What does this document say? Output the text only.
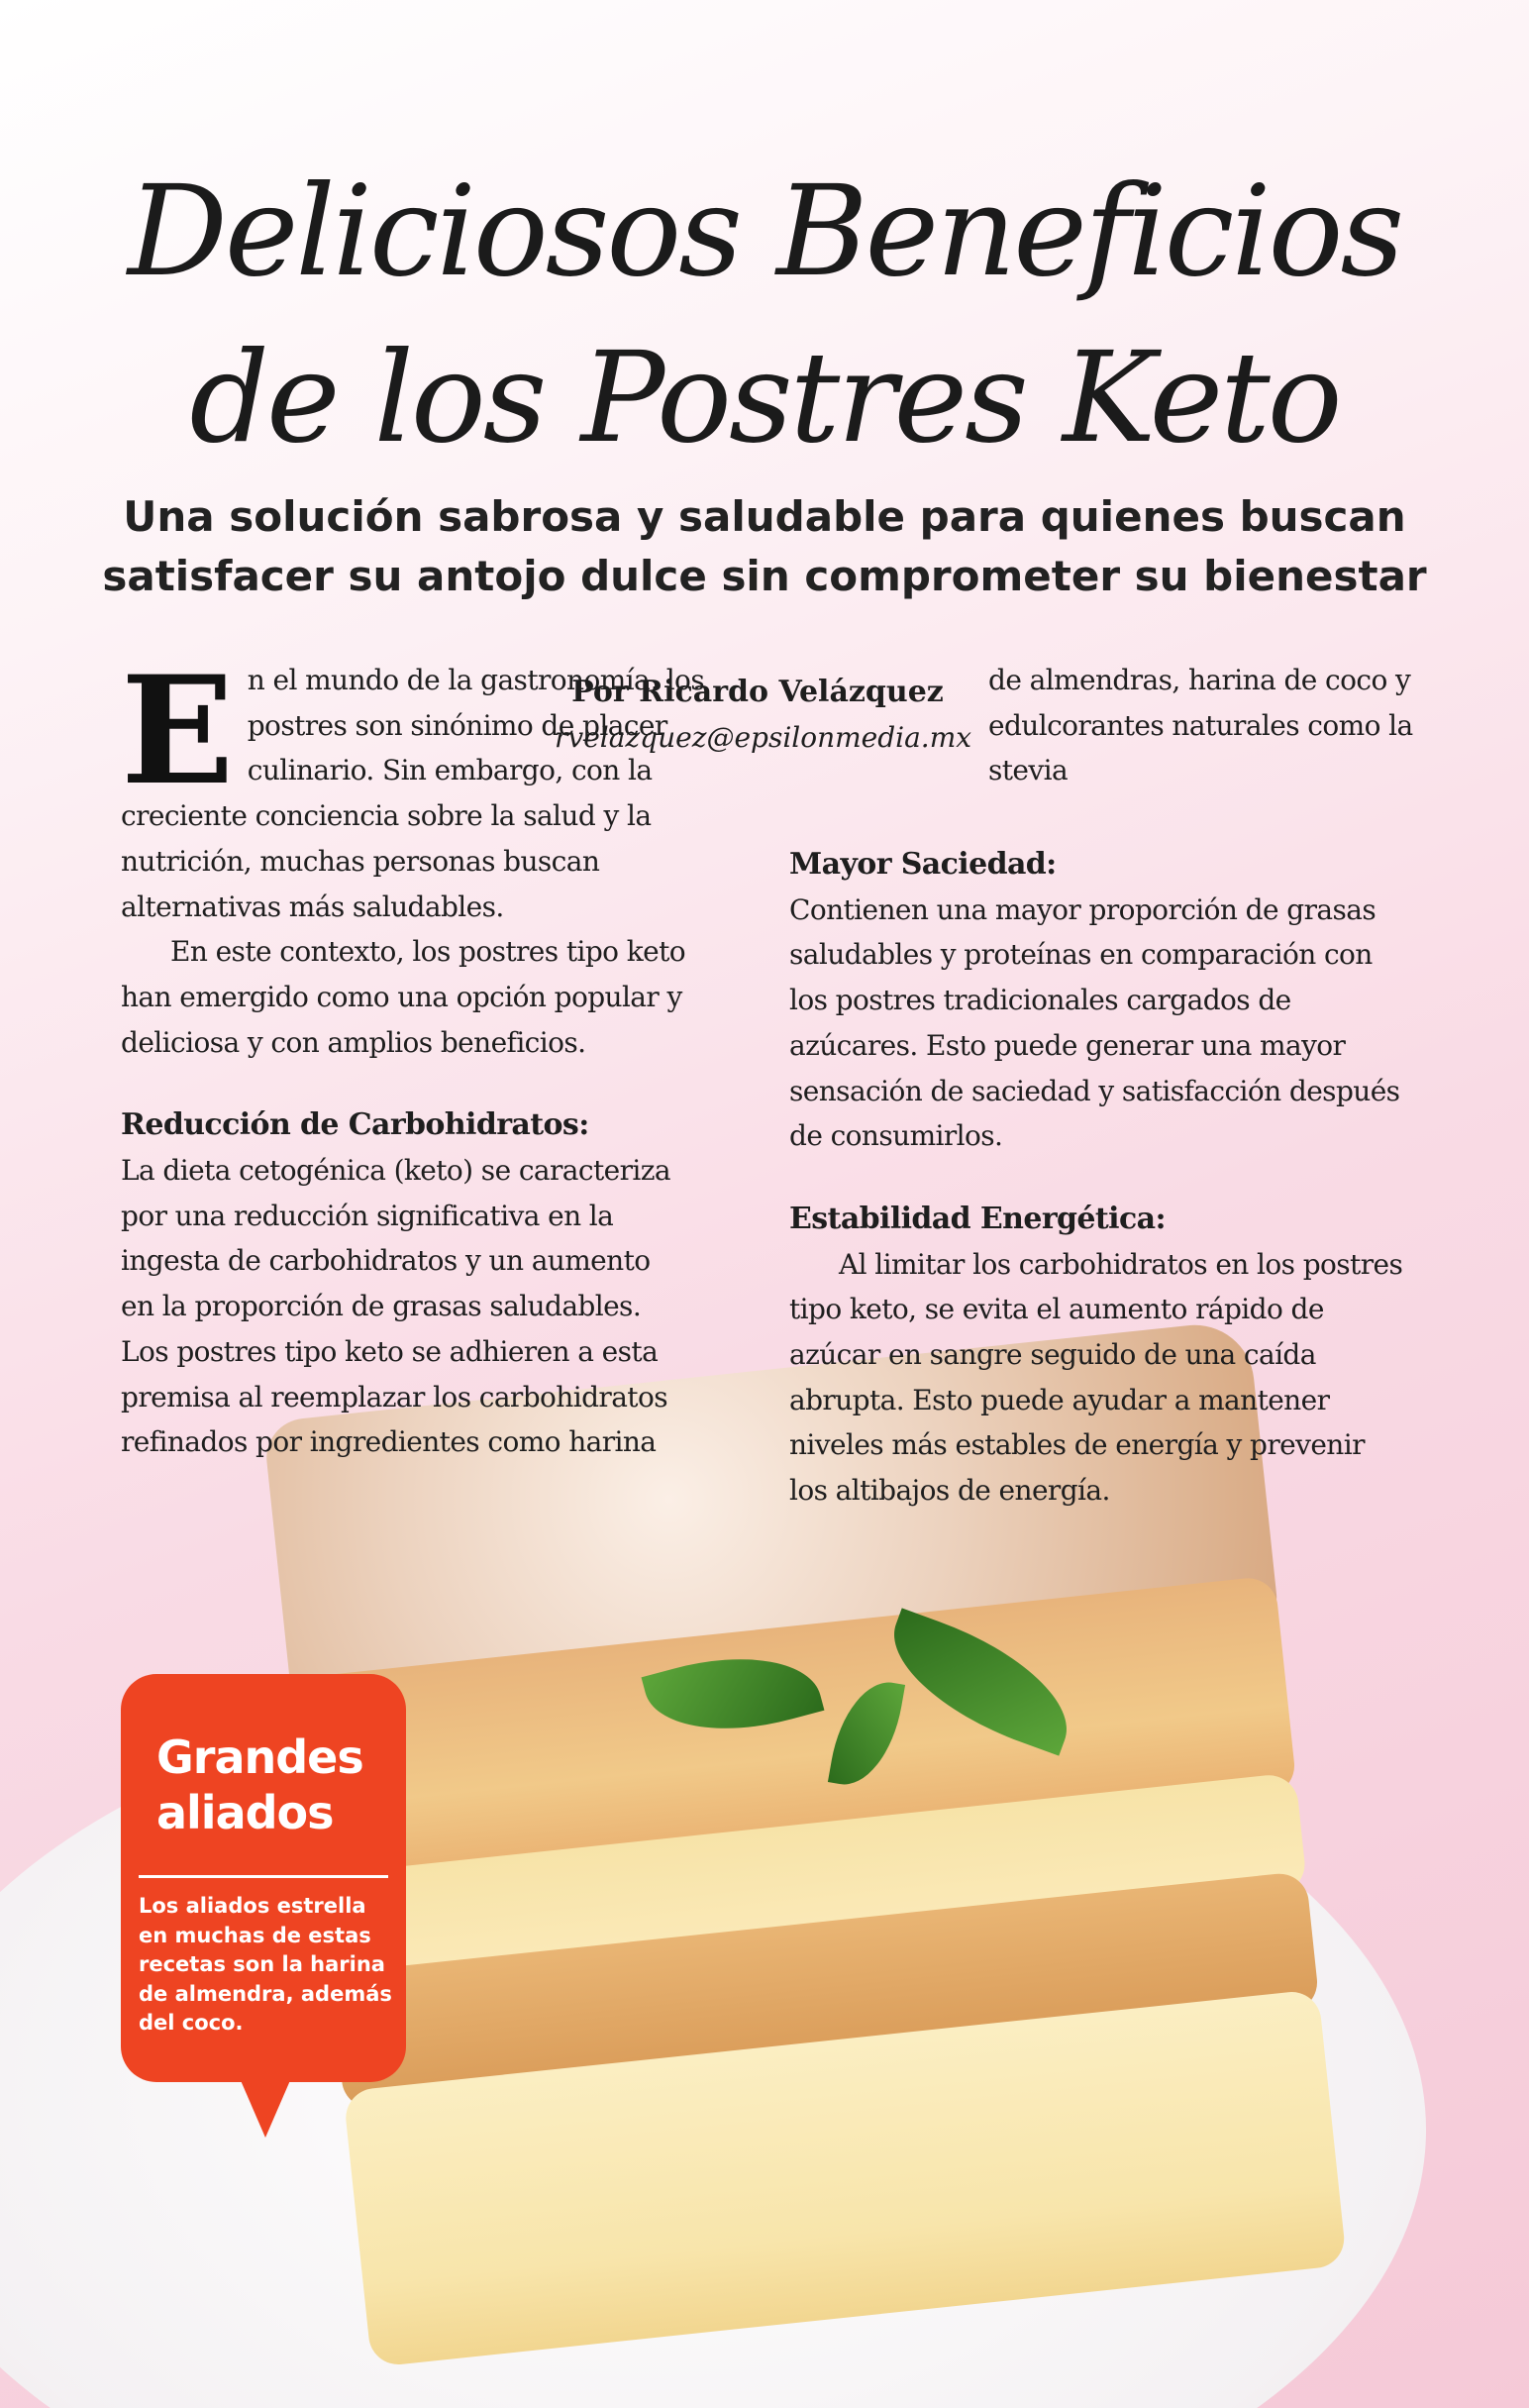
Deliciosos Beneficios
de los Postres Keto
Una solución sabrosa y saludable para quienes buscan
satisfacer su antojo dulce sin comprometer su bienestar

E n el mundo de la gastronomía, los postres son sinónimo de placer culinario. Sin embargo, con la creciente conciencia sobre la salud y la nutrición, muchas personas buscan alternativas más saludables.

En este contexto, los postres tipo keto han emergido como una opción popular y deliciosa y con amplios beneficios.

Reducción de Carbohidratos:

La dieta cetogénica (keto) se caracteriza por una reducción significativa en la ingesta de carbohidratos y un aumento en la proporción de grasas saludables. Los postres tipo keto se adhieren a esta premisa al reemplazar los carbohidratos refinados por ingredientes como harina

Por Ricardo Velázquez
rvelazquez@epsilonmedia.mx

de almendras, harina de coco y edulcorantes naturales como la stevia

Mayor Saciedad:

Contienen una mayor proporción de grasas saludables y proteínas en comparación con los postres tradicionales cargados de azúcares. Esto puede generar una mayor sensación de saciedad y satisfacción después de consumirlos.

Estabilidad Energética:

Al limitar los carbohidratos en los postres tipo keto, se evita el aumento rápido de azúcar en sangre seguido de una caída abrupta. Esto puede ayudar a mantener niveles más estables de energía y prevenir los altibajos de energía.

Grandes
aliados

Los aliados estrella en muchas de estas recetas son la harina de almendra, además del coco.
